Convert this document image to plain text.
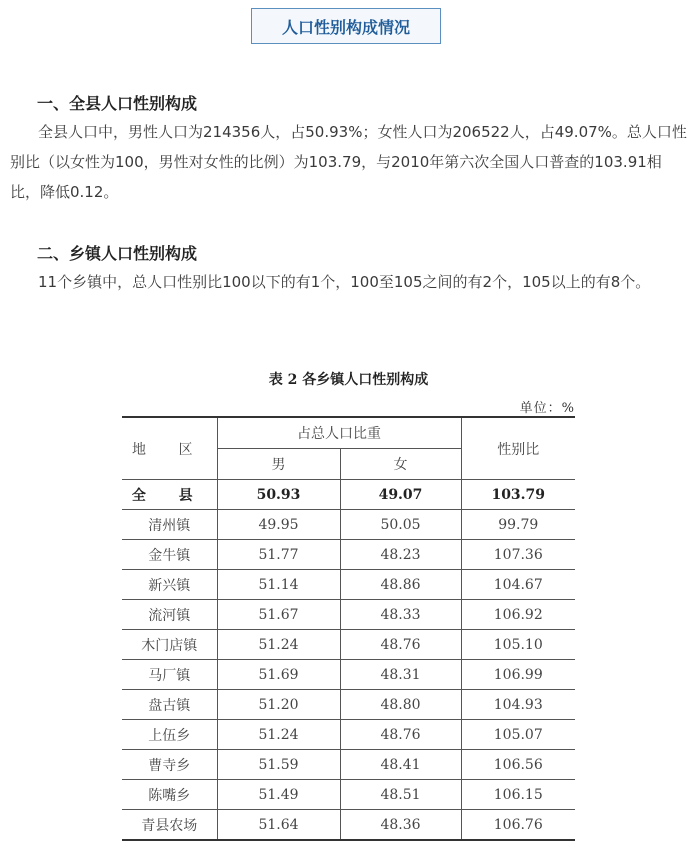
人口性别构成情况
一、全县人口性别构成

全县人口中，男性人口为214356人，占50.93%；女性人口为206522人，占49.07%。总人口性别比（以女性为100，男性对女性的比例）为103.79，与2010年第六次全国人口普查的103.91相比，降低0.12。

二、乡镇人口性别构成

11个乡镇中，总人口性别比100以下的有1个，100至105之间的有2个，105以上的有8个。

表 2 各乡镇人口性别构成
单位：%
地 区	占总人口比重		性别比
	男	女	
全 县	50.93	49.07	103.79
清州镇	49.95	50.05	99.79
金牛镇	51.77	48.23	107.36
新兴镇	51.14	48.86	104.67
流河镇	51.67	48.33	106.92
木门店镇	51.24	48.76	105.10
马厂镇	51.69	48.31	106.99
盘古镇	51.20	48.80	104.93
上伍乡	51.24	48.76	105.07
曹寺乡	51.59	48.41	106.56
陈嘴乡	51.49	48.51	106.15
青县农场	51.64	48.36	106.76
